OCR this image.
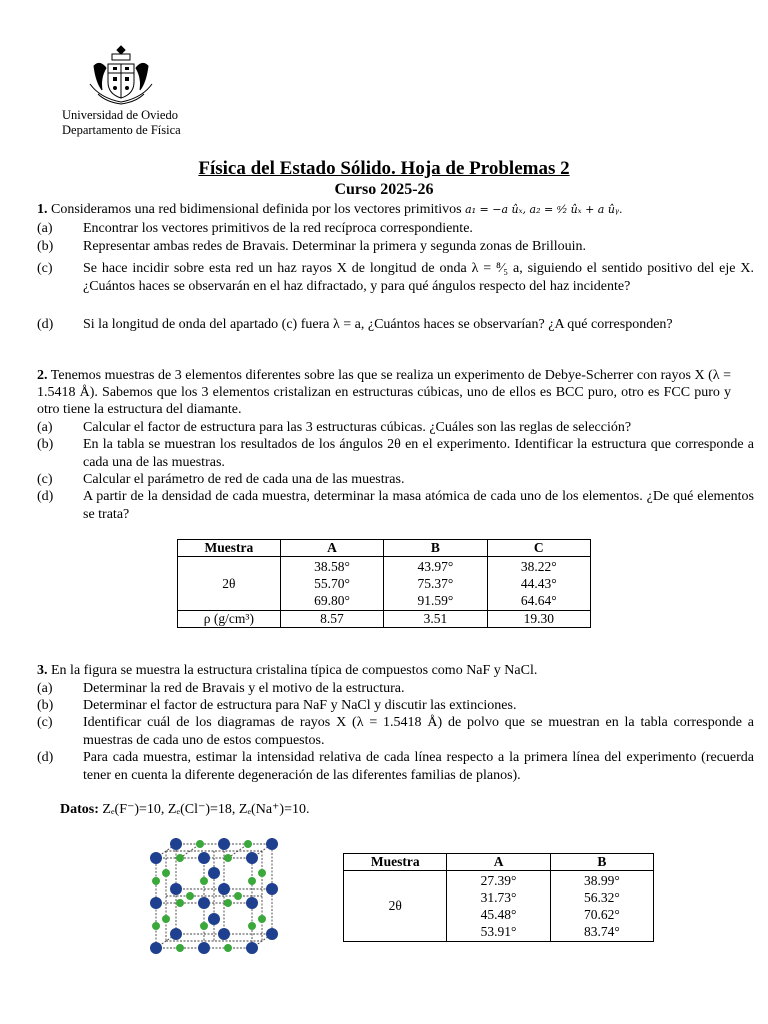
Universidad de Oviedo
Departamento de Física
Física del Estado Sólido. Hoja de Problemas 2
Curso 2025-26
1. Consideramos una red bidimensional definida por los vectores primitivos a₁ = −a ûₓ, a₂ = ᵃ⁄₂ ûₓ + a ûᵧ.
(a) Encontrar los vectores primitivos de la red recíproca correspondiente.
(b) Representar ambas redes de Bravais. Determinar la primera y segunda zonas de Brillouin.
(c) Se hace incidir sobre esta red un haz rayos X de longitud de onda λ = ⁸⁄₅ a, siguiendo el sentido positivo del eje X. ¿Cuántos haces se observarán en el haz difractado, y para qué ángulos respecto del haz incidente?
(d) Si la longitud de onda del apartado (c) fuera λ = a, ¿Cuántos haces se observarían? ¿A qué corresponden?
2. Tenemos muestras de 3 elementos diferentes sobre las que se realiza un experimento de Debye-Scherrer con rayos X (λ = 1.5418 Å). Sabemos que los 3 elementos cristalizan en estructuras cúbicas, uno de ellos es BCC puro, otro es FCC puro y otro tiene la estructura del diamante.
(a) Calcular el factor de estructura para las 3 estructuras cúbicas. ¿Cuáles son las reglas de selección?
(b) En la tabla se muestran los resultados de los ángulos 2θ en el experimento. Identificar la estructura que corresponde a cada una de las muestras.
(c) Calcular el parámetro de red de cada una de las muestras.
(d) A partir de la densidad de cada muestra, determinar la masa atómica de cada uno de los elementos. ¿De qué elementos se trata?
Muestra	A	B	C
2θ	38.58°
55.70°
69.80°	43.97°
75.37°
91.59°	38.22°
44.43°
64.64°

ρ (g/cm³)	8.57	3.51	19.30
3. En la figura se muestra la estructura cristalina típica de compuestos como NaF y NaCl.
(a) Determinar la red de Bravais y el motivo de la estructura.
(b) Determinar el factor de estructura para NaF y NaCl y discutir las extinciones.
(c) Identificar cuál de los diagramas de rayos X (λ = 1.5418 Å) de polvo que se muestran en la tabla corresponde a muestras de cada uno de estos compuestos.
(d) Para cada muestra, estimar la intensidad relativa de cada línea respecto a la primera línea del experimento (recuerda tener en cuenta la diferente degeneración de las diferentes familias de planos).
Datos: Zₑ(F⁻)=10, Zₑ(Cl⁻)=18, Zₑ(Na⁺)=10.
Muestra	A	B
2θ	27.39°
31.73°
45.48°
53.91°	38.99°
56.32°
70.62°
83.74°
